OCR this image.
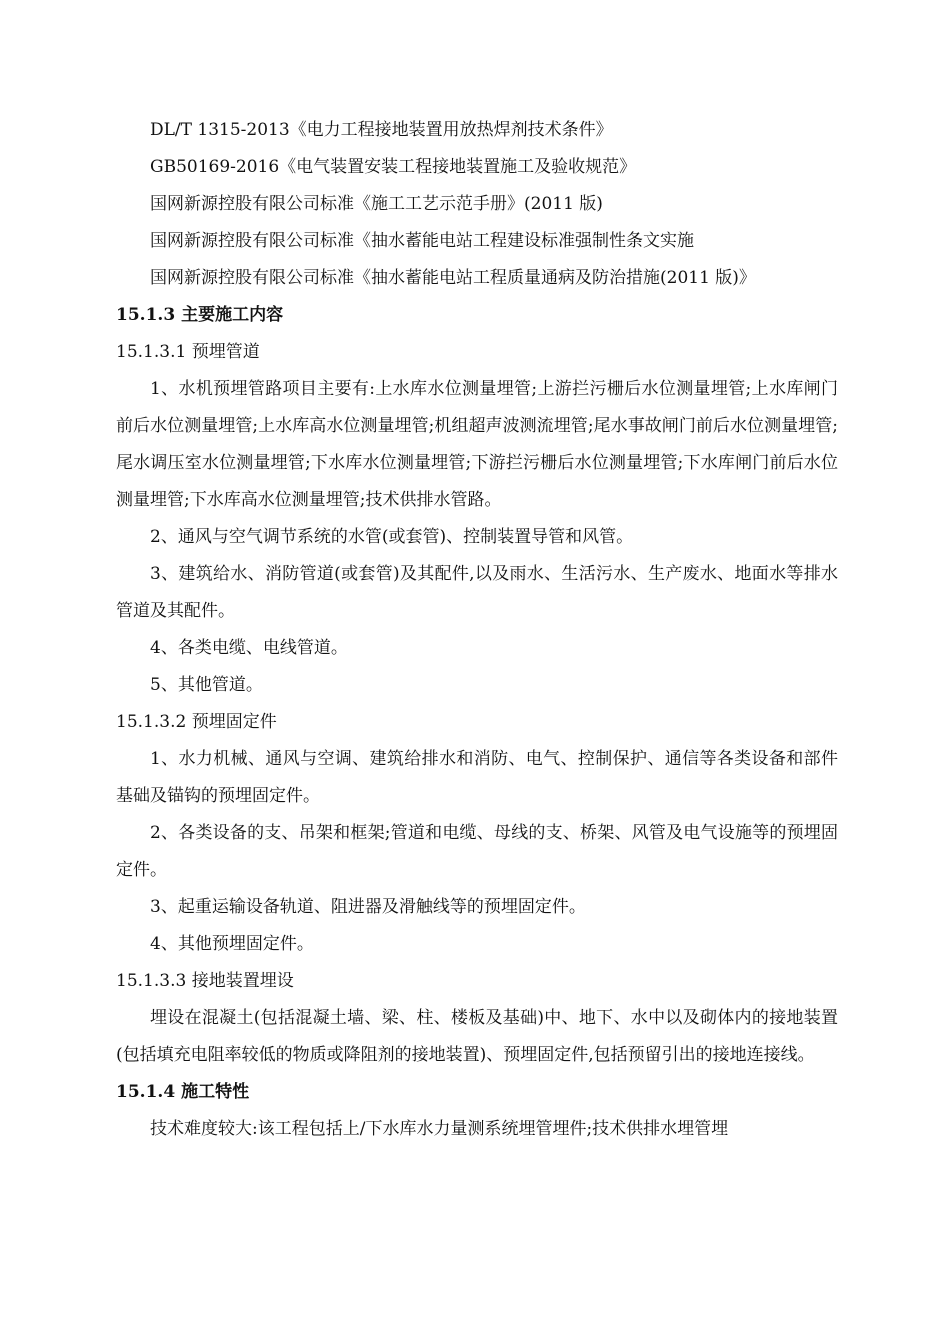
DL/T 1315-2013《电力工程接地装置用放热焊剂技术条件》
GB50169-2016《电气装置安装工程接地装置施工及验收规范》
国网新源控股有限公司标准《施工工艺示范手册》(2011 版)
国网新源控股有限公司标准《抽水蓄能电站工程建设标准强制性条文实施
国网新源控股有限公司标准《抽水蓄能电站工程质量通病及防治措施(2011 版)》
15.1.3 主要施工内容
15.1.3.1 预埋管道

1、水机预埋管路项目主要有:上水库水位测量埋管;上游拦污栅后水位测量埋管;上水库闸门前后水位测量埋管;上水库高水位测量埋管;机组超声波测流埋管;尾水事故闸门前后水位测量埋管;尾水调压室水位测量埋管;下水库水位测量埋管;下游拦污栅后水位测量埋管;下水库闸门前后水位测量埋管;下水库高水位测量埋管;技术供排水管路。

2、通风与空气调节系统的水管(或套管)、控制装置导管和风管。

3、建筑给水、消防管道(或套管)及其配件,以及雨水、生活污水、生产废水、地面水等排水管道及其配件。

4、各类电缆、电线管道。

5、其他管道。

15.1.3.2 预埋固定件

1、水力机械、通风与空调、建筑给排水和消防、电气、控制保护、通信等各类设备和部件基础及锚钩的预埋固定件。

2、各类设备的支、吊架和框架;管道和电缆、母线的支、桥架、风管及电气设施等的预埋固定件。

3、起重运输设备轨道、阻进器及滑触线等的预埋固定件。

4、其他预埋固定件。

15.1.3.3 接地装置埋设

埋设在混凝土(包括混凝土墙、梁、柱、楼板及基础)中、地下、水中以及砌体内的接地装置(包括填充电阻率较低的物质或降阻剂的接地装置)、预埋固定件,包括预留引出的接地连接线。

15.1.4 施工特性

技术难度较大:该工程包括上/下水库水力量测系统埋管埋件;技术供排水埋管埋
